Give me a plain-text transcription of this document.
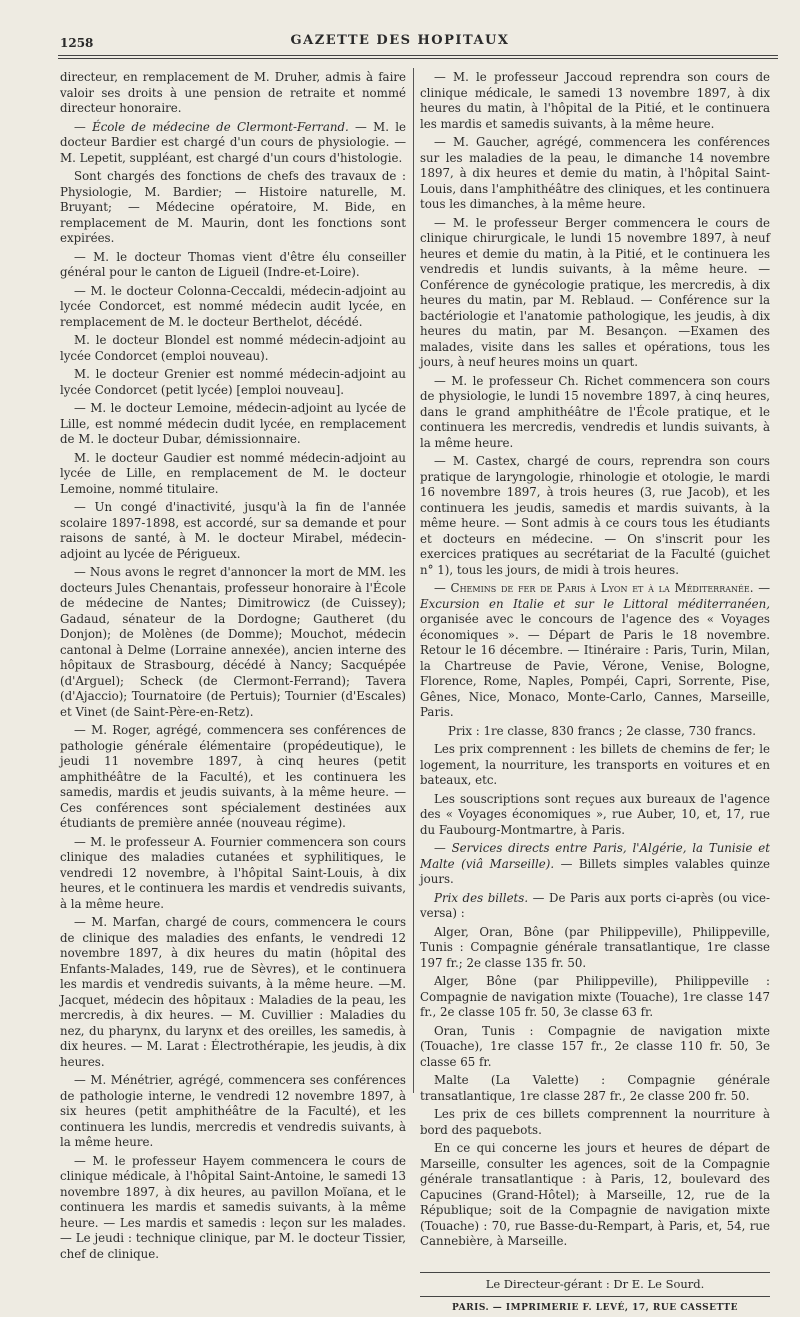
1258	GAZETTE DES HOPITAUX

directeur, en remplacement de M. Druher, admis à faire valoir ses droits à une pension de retraite et nommé directeur honoraire.

— École de médecine de Clermont-Ferrand. — M. le docteur Bardier est chargé d'un cours de physiologie. — M. Lepetit, suppléant, est chargé d'un cours d'histologie.

Sont chargés des fonctions de chefs des travaux de : Physiologie, M. Bardier; — Histoire naturelle, M. Bruyant; — Médecine opératoire, M. Bide, en remplacement de M. Maurin, dont les fonctions sont expirées.

— M. le docteur Thomas vient d'être élu conseiller général pour le canton de Ligueil (Indre-et-Loire).

— M. le docteur Colonna-Ceccaldi, médecin-adjoint au lycée Condorcet, est nommé médecin audit lycée, en remplacement de M. le docteur Berthelot, décédé.

M. le docteur Blondel est nommé médecin-adjoint au lycée Condorcet (emploi nouveau).

M. le docteur Grenier est nommé médecin-adjoint au lycée Condorcet (petit lycée) [emploi nouveau].

— M. le docteur Lemoine, médecin-adjoint au lycée de Lille, est nommé médecin dudit lycée, en remplacement de M. le docteur Dubar, démissionnaire.

M. le docteur Gaudier est nommé médecin-adjoint au lycée de Lille, en remplacement de M. le docteur Lemoine, nommé titulaire.

— Un congé d'inactivité, jusqu'à la fin de l'année scolaire 1897-1898, est accordé, sur sa demande et pour raisons de santé, à M. le docteur Mirabel, médecin-adjoint au lycée de Périgueux.

— Nous avons le regret d'annoncer la mort de MM. les docteurs Jules Chenantais, professeur honoraire à l'École de médecine de Nantes; Dimitrowicz (de Cuissey); Gadaud, sénateur de la Dordogne; Gautheret (du Donjon); de Molènes (de Domme); Mouchot, médecin cantonal à Delme (Lorraine annexée), ancien interne des hôpitaux de Strasbourg, décédé à Nancy; Sacquépée (d'Arguel); Scheck (de Clermont-Ferrand); Tavera (d'Ajaccio); Tournatoire (de Pertuis); Tournier (d'Escales) et Vinet (de Saint-Père-en-Retz).

— M. Roger, agrégé, commencera ses conférences de pathologie générale élémentaire (propédeutique), le jeudi 11 novembre 1897, à cinq heures (petit amphithéâtre de la Faculté), et les continuera les samedis, mardis et jeudis suivants, à la même heure. — Ces conférences sont spécialement destinées aux étudiants de première année (nouveau régime).

— M. le professeur A. Fournier commencera son cours clinique des maladies cutanées et syphilitiques, le vendredi 12 novembre, à l'hôpital Saint-Louis, à dix heures, et le continuera les mardis et vendredis suivants, à la même heure.

— M. Marfan, chargé de cours, commencera le cours de clinique des maladies des enfants, le vendredi 12 novembre 1897, à dix heures du matin (hôpital des Enfants-Malades, 149, rue de Sèvres), et le continuera les mardis et vendredis suivants, à la même heure. —M. Jacquet, médecin des hôpitaux : Maladies de la peau, les mercredis, à dix heures. — M. Cuvillier : Maladies du nez, du pharynx, du larynx et des oreilles, les samedis, à dix heures. — M. Larat : Électrothérapie, les jeudis, à dix heures.

— M. Ménétrier, agrégé, commencera ses conférences de pathologie interne, le vendredi 12 novembre 1897, à six heures (petit amphithéâtre de la Faculté), et les continuera les lundis, mercredis et vendredis suivants, à la même heure.

— M. le professeur Hayem commencera le cours de clinique médicale, à l'hôpital Saint-Antoine, le samedi 13 novembre 1897, à dix heures, au pavillon Moïana, et le continuera les mardis et samedis suivants, à la même heure. — Les mardis et samedis : leçon sur les malades. — Le jeudi : technique clinique, par M. le docteur Tissier, chef de clinique.

— M. le professeur Jaccoud reprendra son cours de clinique médicale, le samedi 13 novembre 1897, à dix heures du matin, à l'hôpital de la Pitié, et le continuera les mardis et samedis suivants, à la même heure.

— M. Gaucher, agrégé, commencera les conférences sur les maladies de la peau, le dimanche 14 novembre 1897, à dix heures et demie du matin, à l'hôpital Saint-Louis, dans l'amphithéâtre des cliniques, et les continuera tous les dimanches, à la même heure.

— M. le professeur Berger commencera le cours de clinique chirurgicale, le lundi 15 novembre 1897, à neuf heures et demie du matin, à la Pitié, et le continuera les vendredis et lundis suivants, à la même heure. — Conférence de gynécologie pratique, les mercredis, à dix heures du matin, par M. Reblaud. — Conférence sur la bactériologie et l'anatomie pathologique, les jeudis, à dix heures du matin, par M. Besançon. —Examen des malades, visite dans les salles et opérations, tous les jours, à neuf heures moins un quart.

— M. le professeur Ch. Richet commencera son cours de physiologie, le lundi 15 novembre 1897, à cinq heures, dans le grand amphithéâtre de l'École pratique, et le continuera les mercredis, vendredis et lundis suivants, à la même heure.

— M. Castex, chargé de cours, reprendra son cours pratique de laryngologie, rhinologie et otologie, le mardi 16 novembre 1897, à trois heures (3, rue Jacob), et les continuera les jeudis, samedis et mardis suivants, à la même heure. — Sont admis à ce cours tous les étudiants et docteurs en médecine. — On s'inscrit pour les exercices pratiques au secrétariat de la Faculté (guichet n° 1), tous les jours, de midi à trois heures.

— Chemins de fer de Paris à Lyon et à la Méditerranée. — Excursion en Italie et sur le Littoral méditerranéen, organisée avec le concours de l'agence des « Voyages économiques ». — Départ de Paris le 18 novembre. Retour le 16 décembre. — Itinéraire : Paris, Turin, Milan, la Chartreuse de Pavie, Vérone, Venise, Bologne, Florence, Rome, Naples, Pompéi, Capri, Sorrente, Pise, Gênes, Nice, Monaco, Monte-Carlo, Cannes, Marseille, Paris.

Prix : 1re classe, 830 francs ; 2e classe, 730 francs.

Les prix comprennent : les billets de chemins de fer; le logement, la nourriture, les transports en voitures et en bateaux, etc.

Les souscriptions sont reçues aux bureaux de l'agence des « Voyages économiques », rue Auber, 10, et, 17, rue du Faubourg-Montmartre, à Paris.

— Services directs entre Paris, l'Algérie, la Tunisie et Malte (viâ Marseille). — Billets simples valables quinze jours.

Prix des billets. — De Paris aux ports ci-après (ou vice-versa) :

Alger, Oran, Bône (par Philippeville), Philippeville, Tunis : Compagnie générale transatlantique, 1re classe 197 fr.; 2e classe 135 fr. 50.

Alger, Bône (par Philippeville), Philippeville : Compagnie de navigation mixte (Touache), 1re classe 147 fr., 2e classe 105 fr. 50, 3e classe 63 fr.

Oran, Tunis : Compagnie de navigation mixte (Touache), 1re classe 157 fr., 2e classe 110 fr. 50, 3e classe 65 fr.

Malte (La Valette) : Compagnie générale transatlantique, 1re classe 287 fr., 2e classe 200 fr. 50.

Les prix de ces billets comprennent la nourriture à bord des paquebots.

En ce qui concerne les jours et heures de départ de Marseille, consulter les agences, soit de la Compagnie générale transatlantique : à Paris, 12, boulevard des Capucines (Grand-Hôtel); à Marseille, 12, rue de la République; soit de la Compagnie de navigation mixte (Touache) : 70, rue Basse-du-Rempart, à Paris, et, 54, rue Cannebière, à Marseille.

Le Directeur-gérant : Dr E. Le Sourd.
PARIS. — IMPRIMERIE F. LEVÉ, 17, RUE CASSETTE
